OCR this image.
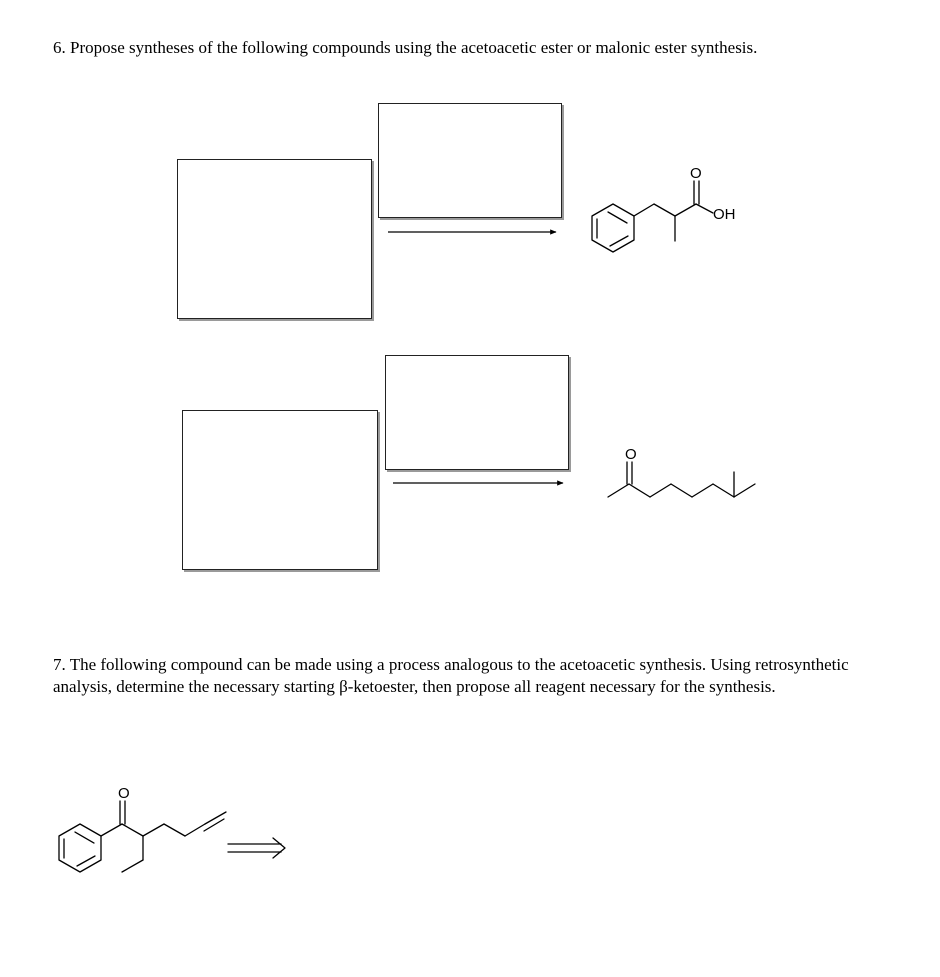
6. Propose syntheses of the following compounds using the acetoacetic ester or malonic ester synthesis.

O
OH
O
O

7. The following compound can be made using a process analogous to the acetoacetic synthesis. Using retrosynthetic analysis, determine the necessary starting β-ketoester, then propose all reagent necessary for the synthesis.
